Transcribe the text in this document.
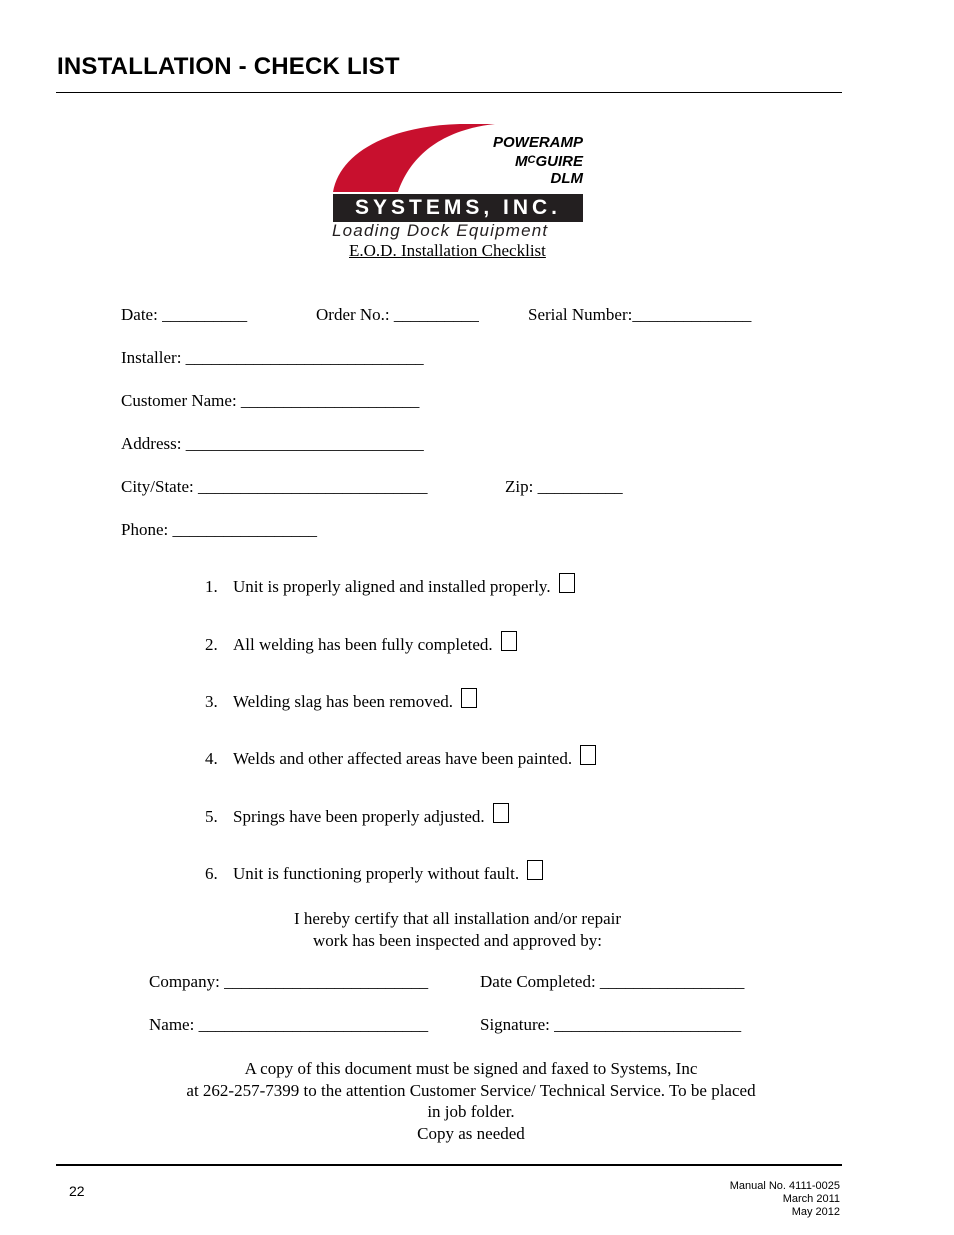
INSTALLATION - CHECK LIST
POWERAMP
$M^CGUIRE$
DLM
SYSTEMS, INC.
Loading Dock Equipment
E.O.D. Installation Checklist
Date: __________	Order No.: __________	Serial Number:______________
Installer: ____________________________
Customer Name: _____________________
Address: ____________________________
City/State: ___________________________	Zip: __________
Phone: _________________
1. Unit is properly aligned and installed properly.
2. All welding has been fully completed.
3. Welding slag has been removed.
4. Welds and other affected areas have been painted.
5. Springs have been properly adjusted.
6. Unit is functioning properly without fault.
I hereby certify that all installation and/or repair
work has been inspected and approved by:
Company: ________________________	Date Completed: _________________
Name: ___________________________	Signature: ______________________
A copy of this document must be signed and faxed to Systems, Inc
at 262-257-7399 to the attention Customer Service/ Technical Service. To be placed
in job folder.
Copy as needed
22	Manual No. 4111-0025
March 2011
May 2012
